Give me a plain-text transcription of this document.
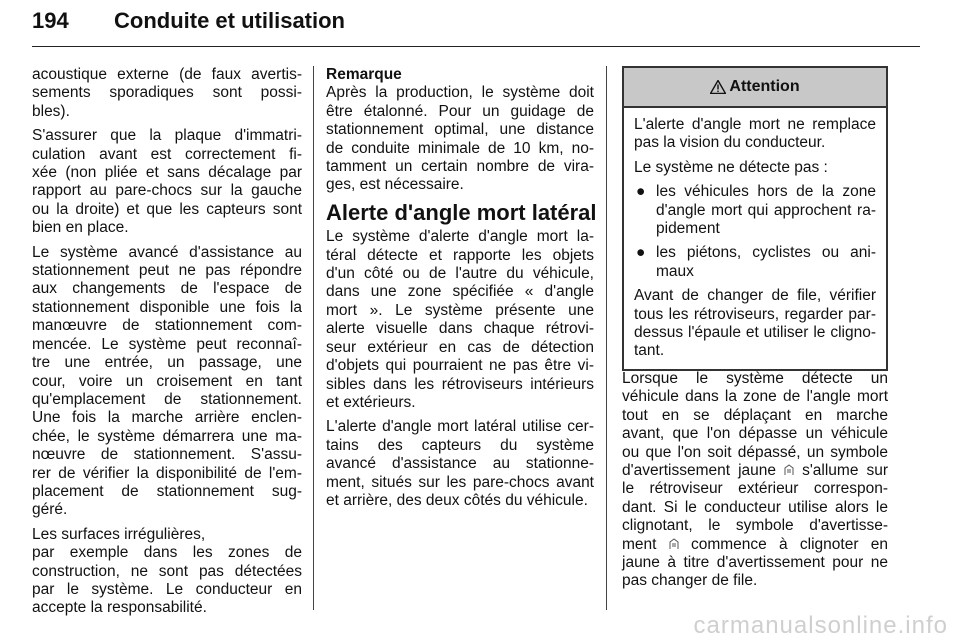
194 Conduite et utilisation

acoustique externe (de faux avertis-
sements sporadiques sont possi-
bles).

S'assurer que la plaque d'immatri-
culation avant est correctement fi-
xée (non pliée et sans décalage par
rapport au pare-chocs sur la gauche
ou la droite) et que les capteurs sont
bien en place.

Le système avancé d'assistance au
stationnement peut ne pas répondre
aux changements de l'espace de
stationnement disponible une fois la
manœuvre de stationnement com-
mencée. Le système peut reconnaî-
tre une entrée, un passage, une
cour, voire un croisement en tant
qu'emplacement de stationnement.
Une fois la marche arrière enclen-
chée, le système démarrera une ma-
nœuvre de stationnement. S'assu-
rer de vérifier la disponibilité de l'em-
placement de stationnement sug-
géré.

Les surfaces irrégulières,
par exemple dans les zones de
construction, ne sont pas détectées
par le système. Le conducteur en
accepte la responsabilité.

Remarque
Après la production, le système doit
être étalonné. Pour un guidage de
stationnement optimal, une distance
de conduite minimale de 10 km, no-
tamment un certain nombre de vira-
ges, est nécessaire.

Alerte d'angle mort latéral

Le système d'alerte d'angle mort la-
téral détecte et rapporte les objets
d'un côté ou de l'autre du véhicule,
dans une zone spécifiée « d'angle
mort ». Le système présente une
alerte visuelle dans chaque rétrovi-
seur extérieur en cas de détection
d'objets qui pourraient ne pas être vi-
sibles dans les rétroviseurs intérieurs
et extérieurs.

L'alerte d'angle mort latéral utilise cer-
tains des capteurs du système
avancé d'assistance au stationne-
ment, situés sur les pare-chocs avant
et arrière, des deux côtés du véhicule.

Attention

L'alerte d'angle mort ne remplace
pas la vision du conducteur.

Le système ne détecte pas :

● les véhicules hors de la zone
d'angle mort qui approchent ra-
pidement
● les piétons, cyclistes ou ani-
maux

Avant de changer de file, vérifier
tous les rétroviseurs, regarder par-
dessus l'épaule et utiliser le cligno-
tant.

Lorsque le système détecte un
véhicule dans la zone de l'angle mort
tout en se déplaçant en marche
avant, que l'on dépasse un véhicule
ou que l'on soit dépassé, un symbole
d'avertissement jaune  s'allume sur
le rétroviseur extérieur correspon-
dant. Si le conducteur utilise alors le
clignotant, le symbole d'avertisse-
ment  commence à clignoter en
jaune à titre d'avertissement pour ne
pas changer de file.
carmanualsonline.info
